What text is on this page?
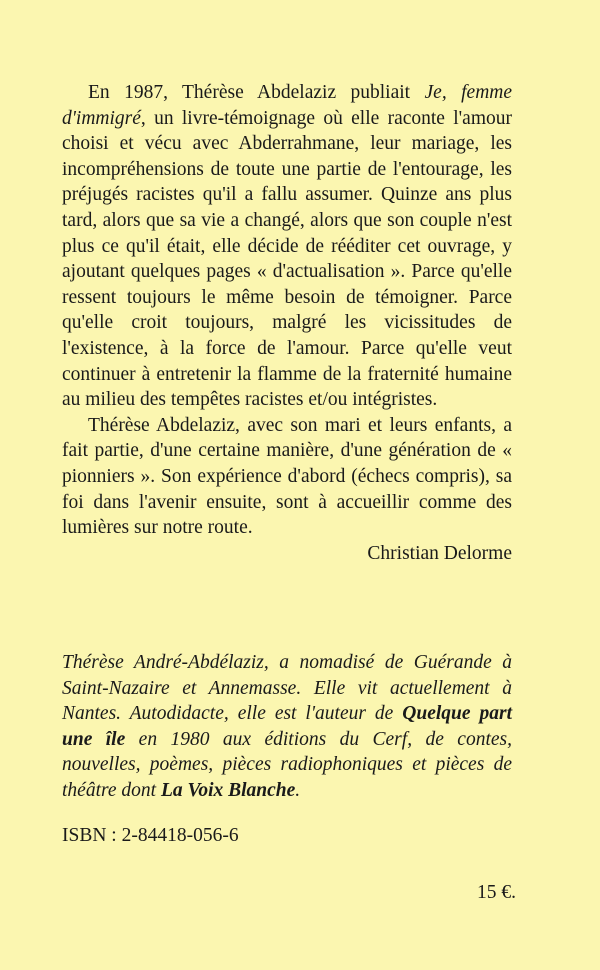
En 1987, Thérèse Abdelaziz publiait Je, femme d'immigré, un livre-témoignage où elle raconte l'amour choisi et vécu avec Abderrahmane, leur mariage, les incompréhensions de toute une partie de l'entourage, les préjugés racistes qu'il a fallu assumer. Quinze ans plus tard, alors que sa vie a changé, alors que son couple n'est plus ce qu'il était, elle décide de rééditer cet ouvrage, y ajoutant quelques pages « d'actualisation ». Parce qu'elle ressent toujours le même besoin de témoigner. Parce qu'elle croit toujours, malgré les vicissitudes de l'existence, à la force de l'amour. Parce qu'elle veut continuer à entretenir la flamme de la fraternité humaine au milieu des tempêtes racistes et/ou intégristes.

Thérèse Abdelaziz, avec son mari et leurs enfants, a fait partie, d'une certaine manière, d'une génération de « pionniers ». Son expérience d'abord (échecs compris), sa foi dans l'avenir ensuite, sont à accueillir comme des lumières sur notre route.

Christian Delorme

Thérèse André-Abdélaziz, a nomadisé de Guérande à Saint-Nazaire et Annemasse. Elle vit actuellement à Nantes. Autodidacte, elle est l'auteur de Quelque part une île en 1980 aux éditions du Cerf, de contes, nouvelles, poèmes, pièces radiophoniques et pièces de théâtre dont La Voix Blanche.

ISBN : 2-84418-056-6

15 €.
